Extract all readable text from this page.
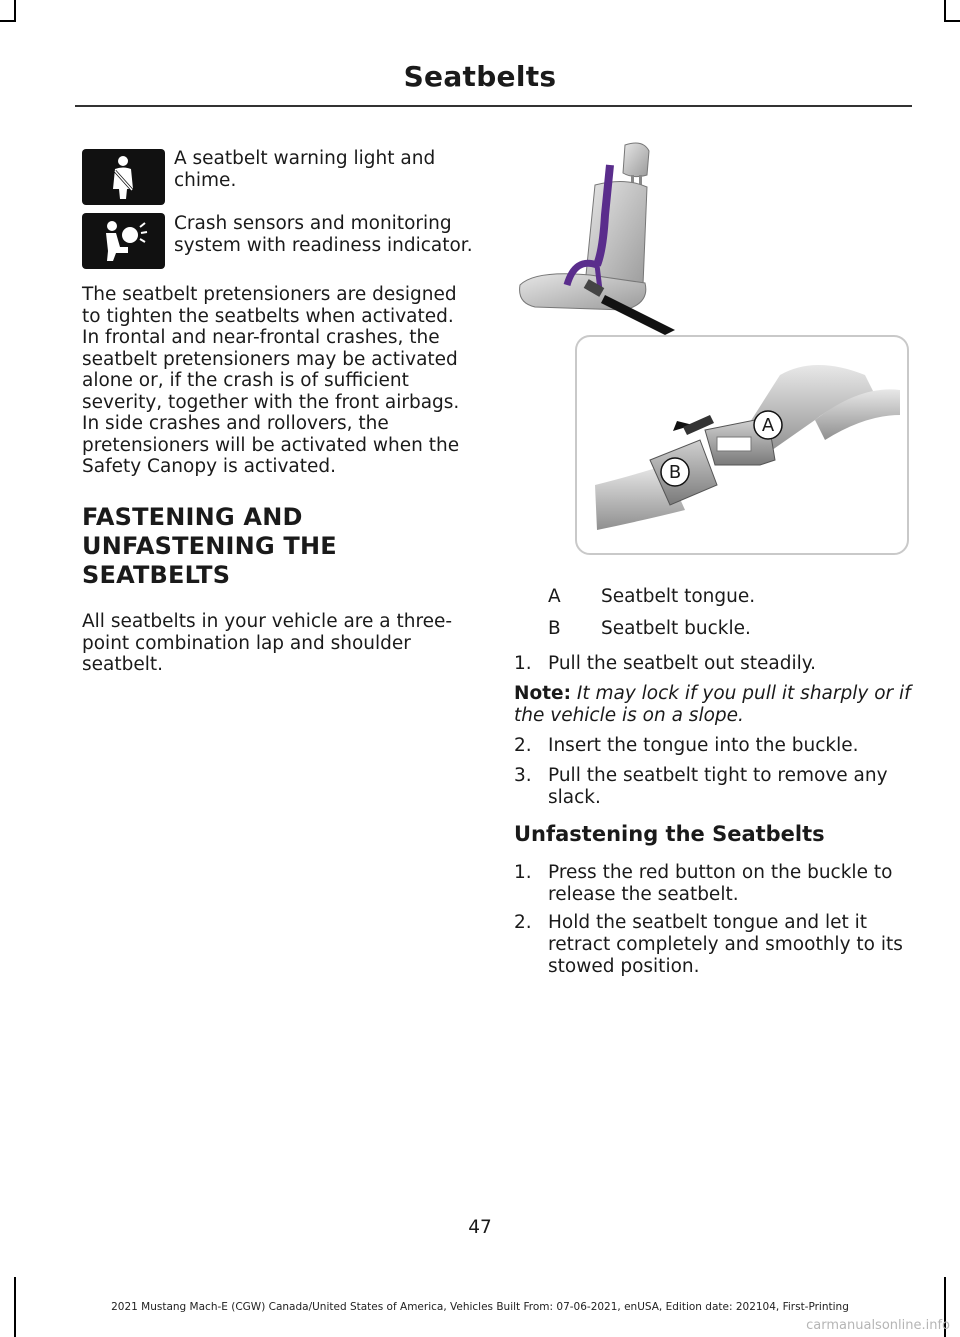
Seatbelts
A seatbelt warning light and chime.
Crash sensors and monitoring system with readiness indicator.

The seatbelt pretensioners are designed to tighten the seatbelts when activated. In frontal and near-frontal crashes, the seatbelt pretensioners may be activated alone or, if the crash is of sufficient severity, together with the front airbags. In side crashes and rollovers, the pretensioners will be activated when the Safety Canopy is activated.

FASTENING AND
UNFASTENING THE
SEATBELTS

All seatbelts in your vehicle are a three-point combination lap and shoulder seatbelt.

A
B
A Seatbelt tongue.
B Seatbelt buckle.
1. Pull the seatbelt out steadily.
Note: It may lock if you pull it sharply or if the vehicle is on a slope.
2. Insert the tongue into the buckle.
3. Pull the seatbelt tight to remove any slack.
Unfastening the Seatbelts
1. Press the red button on the buckle to release the seatbelt.
2. Hold the seatbelt tongue and let it retract completely and smoothly to its stowed position.
47
2021 Mustang Mach-E (CGW) Canada/United States of America, Vehicles Built From: 07-06-2021, enUSA, Edition date: 202104, First-Printing
carmanualsonline.info
